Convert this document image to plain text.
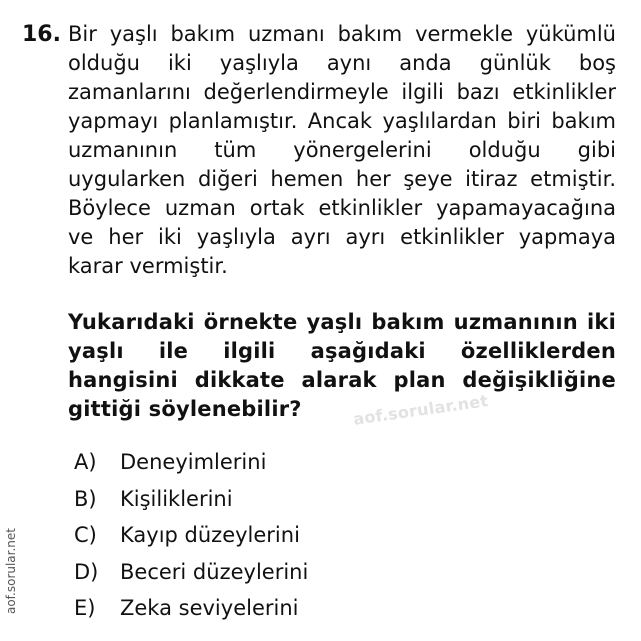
16. Bir yaşlı bakım uzmanı bakım vermekle yükümlü olduğu iki yaşlıyla aynı anda günlük boş zamanlarını değerlendirmeyle ilgili bazı etkinlikler yapmayı planlamıştır. Ancak yaşlılardan biri bakım uzmanının tüm yönergelerini olduğu gibi uygularken diğeri hemen her şeye itiraz etmiştir. Böylece uzman ortak etkinlikler yapamayacağına ve her iki yaşlıyla ayrı ayrı etkinlikler yapmaya karar vermiştir.
Yukarıdaki örnekte yaşlı bakım uzmanının iki yaşlı ile ilgili aşağıdaki özelliklerden hangisini dikkate alarak plan değişikliğine gittiği söylenebilir?
A)	Deneyimlerini
B)	Kişiliklerini
C)	Kayıp düzeylerini
D)	Beceri düzeylerini
E)	Zeka seviyelerini
aof.sorular.net
aof.sorular.net
